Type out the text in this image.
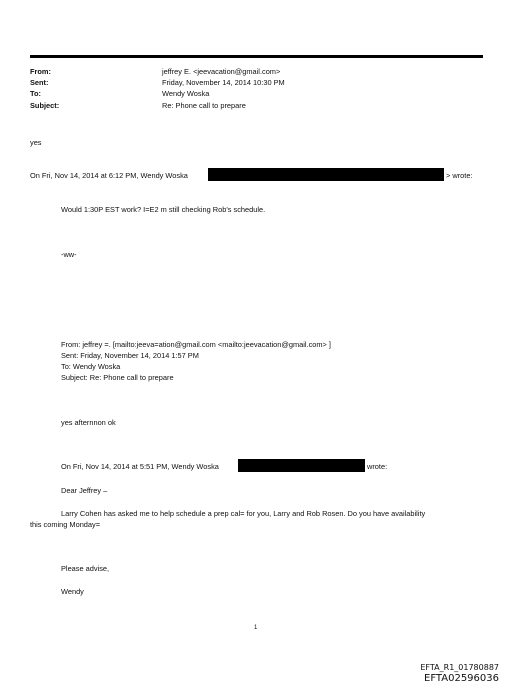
From:
Sent:
To:
Subject:
jeffrey E. <jeevacation@gmail.com>
Friday, November 14, 2014 10:30 PM
Wendy Woska
Re: Phone call to prepare
yes
On Fri, Nov 14, 2014 at 6:12 PM, Wendy Woska	> wrote:
Would 1:30P EST work? I=E2 m still checking Rob's schedule.
-ww-
From: jeffrey =. [mailto:jeeva=ation@gmail.com <mailto:jeevacation@gmail.com> ]
Sent: Friday, November 14, 2014 1:57 PM
To: Wendy Woska
Subject: Re: Phone call to prepare
yes afternnon ok
On Fri, Nov 14, 2014 at 5:51 PM, Wendy Woska	wrote:
Dear Jeffrey –
Larry Cohen has asked me to help schedule a prep cal= for you, Larry and Rob Rosen. Do you have availability
this coming Monday=
Please advise,
Wendy
1
EFTA_R1_01780887
EFTA02596036
